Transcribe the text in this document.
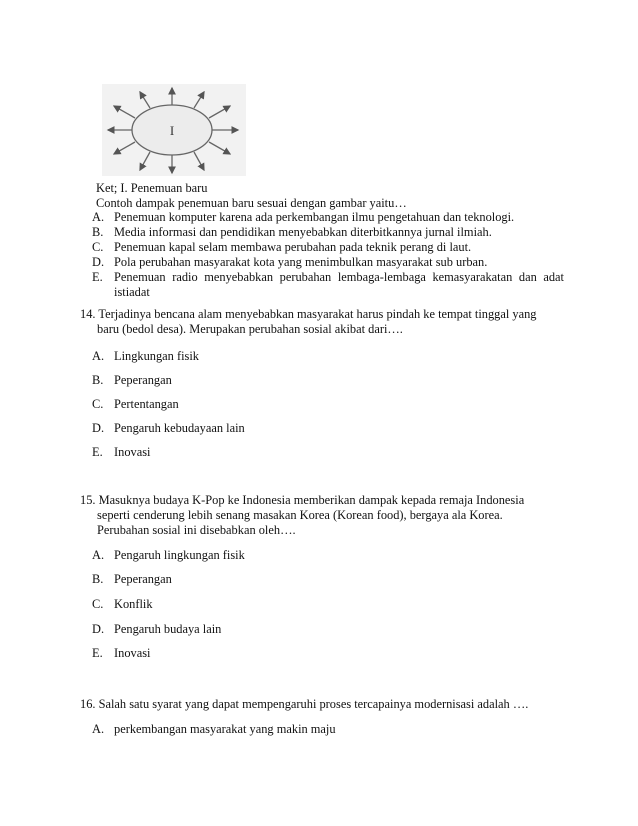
I
Ket; I. Penemuan baru
Contoh dampak penemuan baru sesuai dengan gambar yaitu…
A. Penemuan komputer karena ada perkembangan ilmu pengetahuan dan teknologi.
B. Media informasi dan pendidikan menyebabkan diterbitkannya jurnal ilmiah.
C. Penemuan kapal selam membawa perubahan pada teknik perang di laut.
D. Pola perubahan masyarakat kota yang menimbulkan masyarakat sub urban.
E. Penemuan radio menyebabkan perubahan lembaga-lembaga kemasyarakatan dan adat
istiadat
14. Terjadinya bencana alam menyebabkan masyarakat harus pindah ke tempat tinggal yang
baru (bedol desa). Merupakan perubahan sosial akibat dari….
A. Lingkungan fisik
B. Peperangan
C. Pertentangan
D. Pengaruh kebudayaan lain
E. Inovasi
15. Masuknya budaya K-Pop ke Indonesia memberikan dampak kepada remaja Indonesia
seperti cenderung lebih senang masakan Korea (Korean food), bergaya ala Korea.
Perubahan sosial ini disebabkan oleh….
A. Pengaruh lingkungan fisik
B. Peperangan
C. Konflik
D. Pengaruh budaya lain
E. Inovasi
16. Salah satu syarat yang dapat mempengaruhi proses tercapainya modernisasi adalah ….
A. perkembangan masyarakat yang makin maju
